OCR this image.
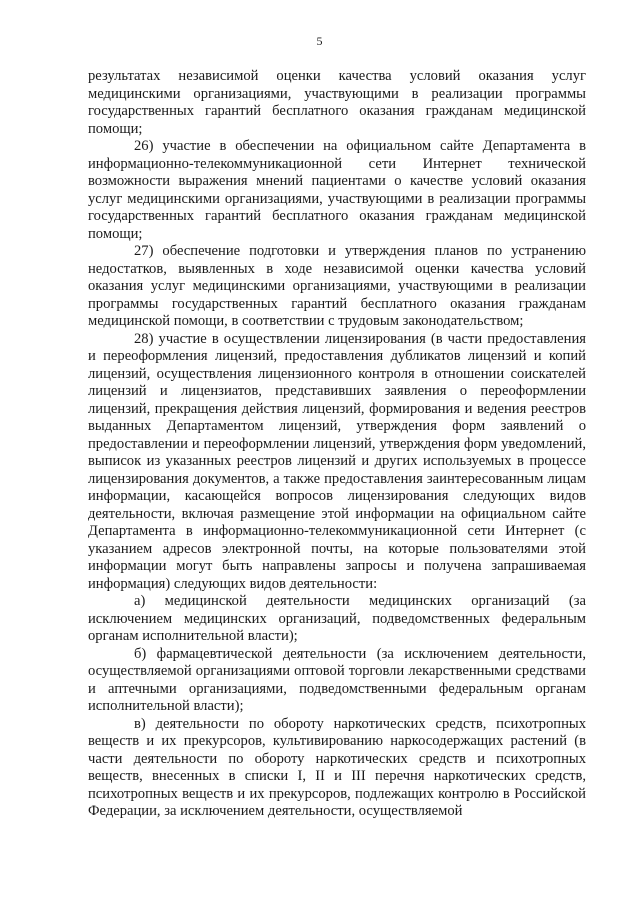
5

результатах независимой оценки качества условий оказания услуг медицинскими организациями, участвующими в реализации программы государственных гарантий бесплатного оказания гражданам медицинской помощи;

26) участие в обеспечении на официальном сайте Департамента в информационно-телекоммуникационной сети Интернет технической возможности выражения мнений пациентами о качестве условий оказания услуг медицинскими организациями, участвующими в реализации программы государственных гарантий бесплатного оказания гражданам медицинской помощи;

27) обеспечение подготовки и утверждения планов по устранению недостатков, выявленных в ходе независимой оценки качества условий оказания услуг медицинскими организациями, участвующими в реализации программы государственных гарантий бесплатного оказания гражданам медицинской помощи, в соответствии с трудовым законодательством;

28) участие в осуществлении лицензирования (в части предоставления и переоформления лицензий, предоставления дубликатов лицензий и копий лицензий, осуществления лицензионного контроля в отношении соискателей лицензий и лицензиатов, представивших заявления о переоформлении лицензий, прекращения действия лицензий, формирования и ведения реестров выданных Департаментом лицензий, утверждения форм заявлений о предоставлении и переоформлении лицензий, утверждения форм уведомлений, выписок из указанных реестров лицензий и других используемых в процессе лицензирования документов, а также предоставления заинтересованным лицам информации, касающейся вопросов лицензирования следующих видов деятельности, включая размещение этой информации на официальном сайте Департамента в информационно-телекоммуникационной сети Интернет (с указанием адресов электронной почты, на которые пользователями этой информации могут быть направлены запросы и получена запрашиваемая информация) следующих видов деятельности:

а) медицинской деятельности медицинских организаций (за исключением медицинских организаций, подведомственных федеральным органам исполнительной власти);

б) фармацевтической деятельности (за исключением деятельности, осуществляемой организациями оптовой торговли лекарственными средствами и аптечными организациями, подведомственными федеральным органам исполнительной власти);

в) деятельности по обороту наркотических средств, психотропных веществ и их прекурсоров, культивированию наркосодержащих растений (в части деятельности по обороту наркотических средств и психотропных веществ, внесенных в списки I, II и III перечня наркотических средств, психотропных веществ и их прекурсоров, подлежащих контролю в Российской Федерации, за исключением деятельности, осуществляемой
